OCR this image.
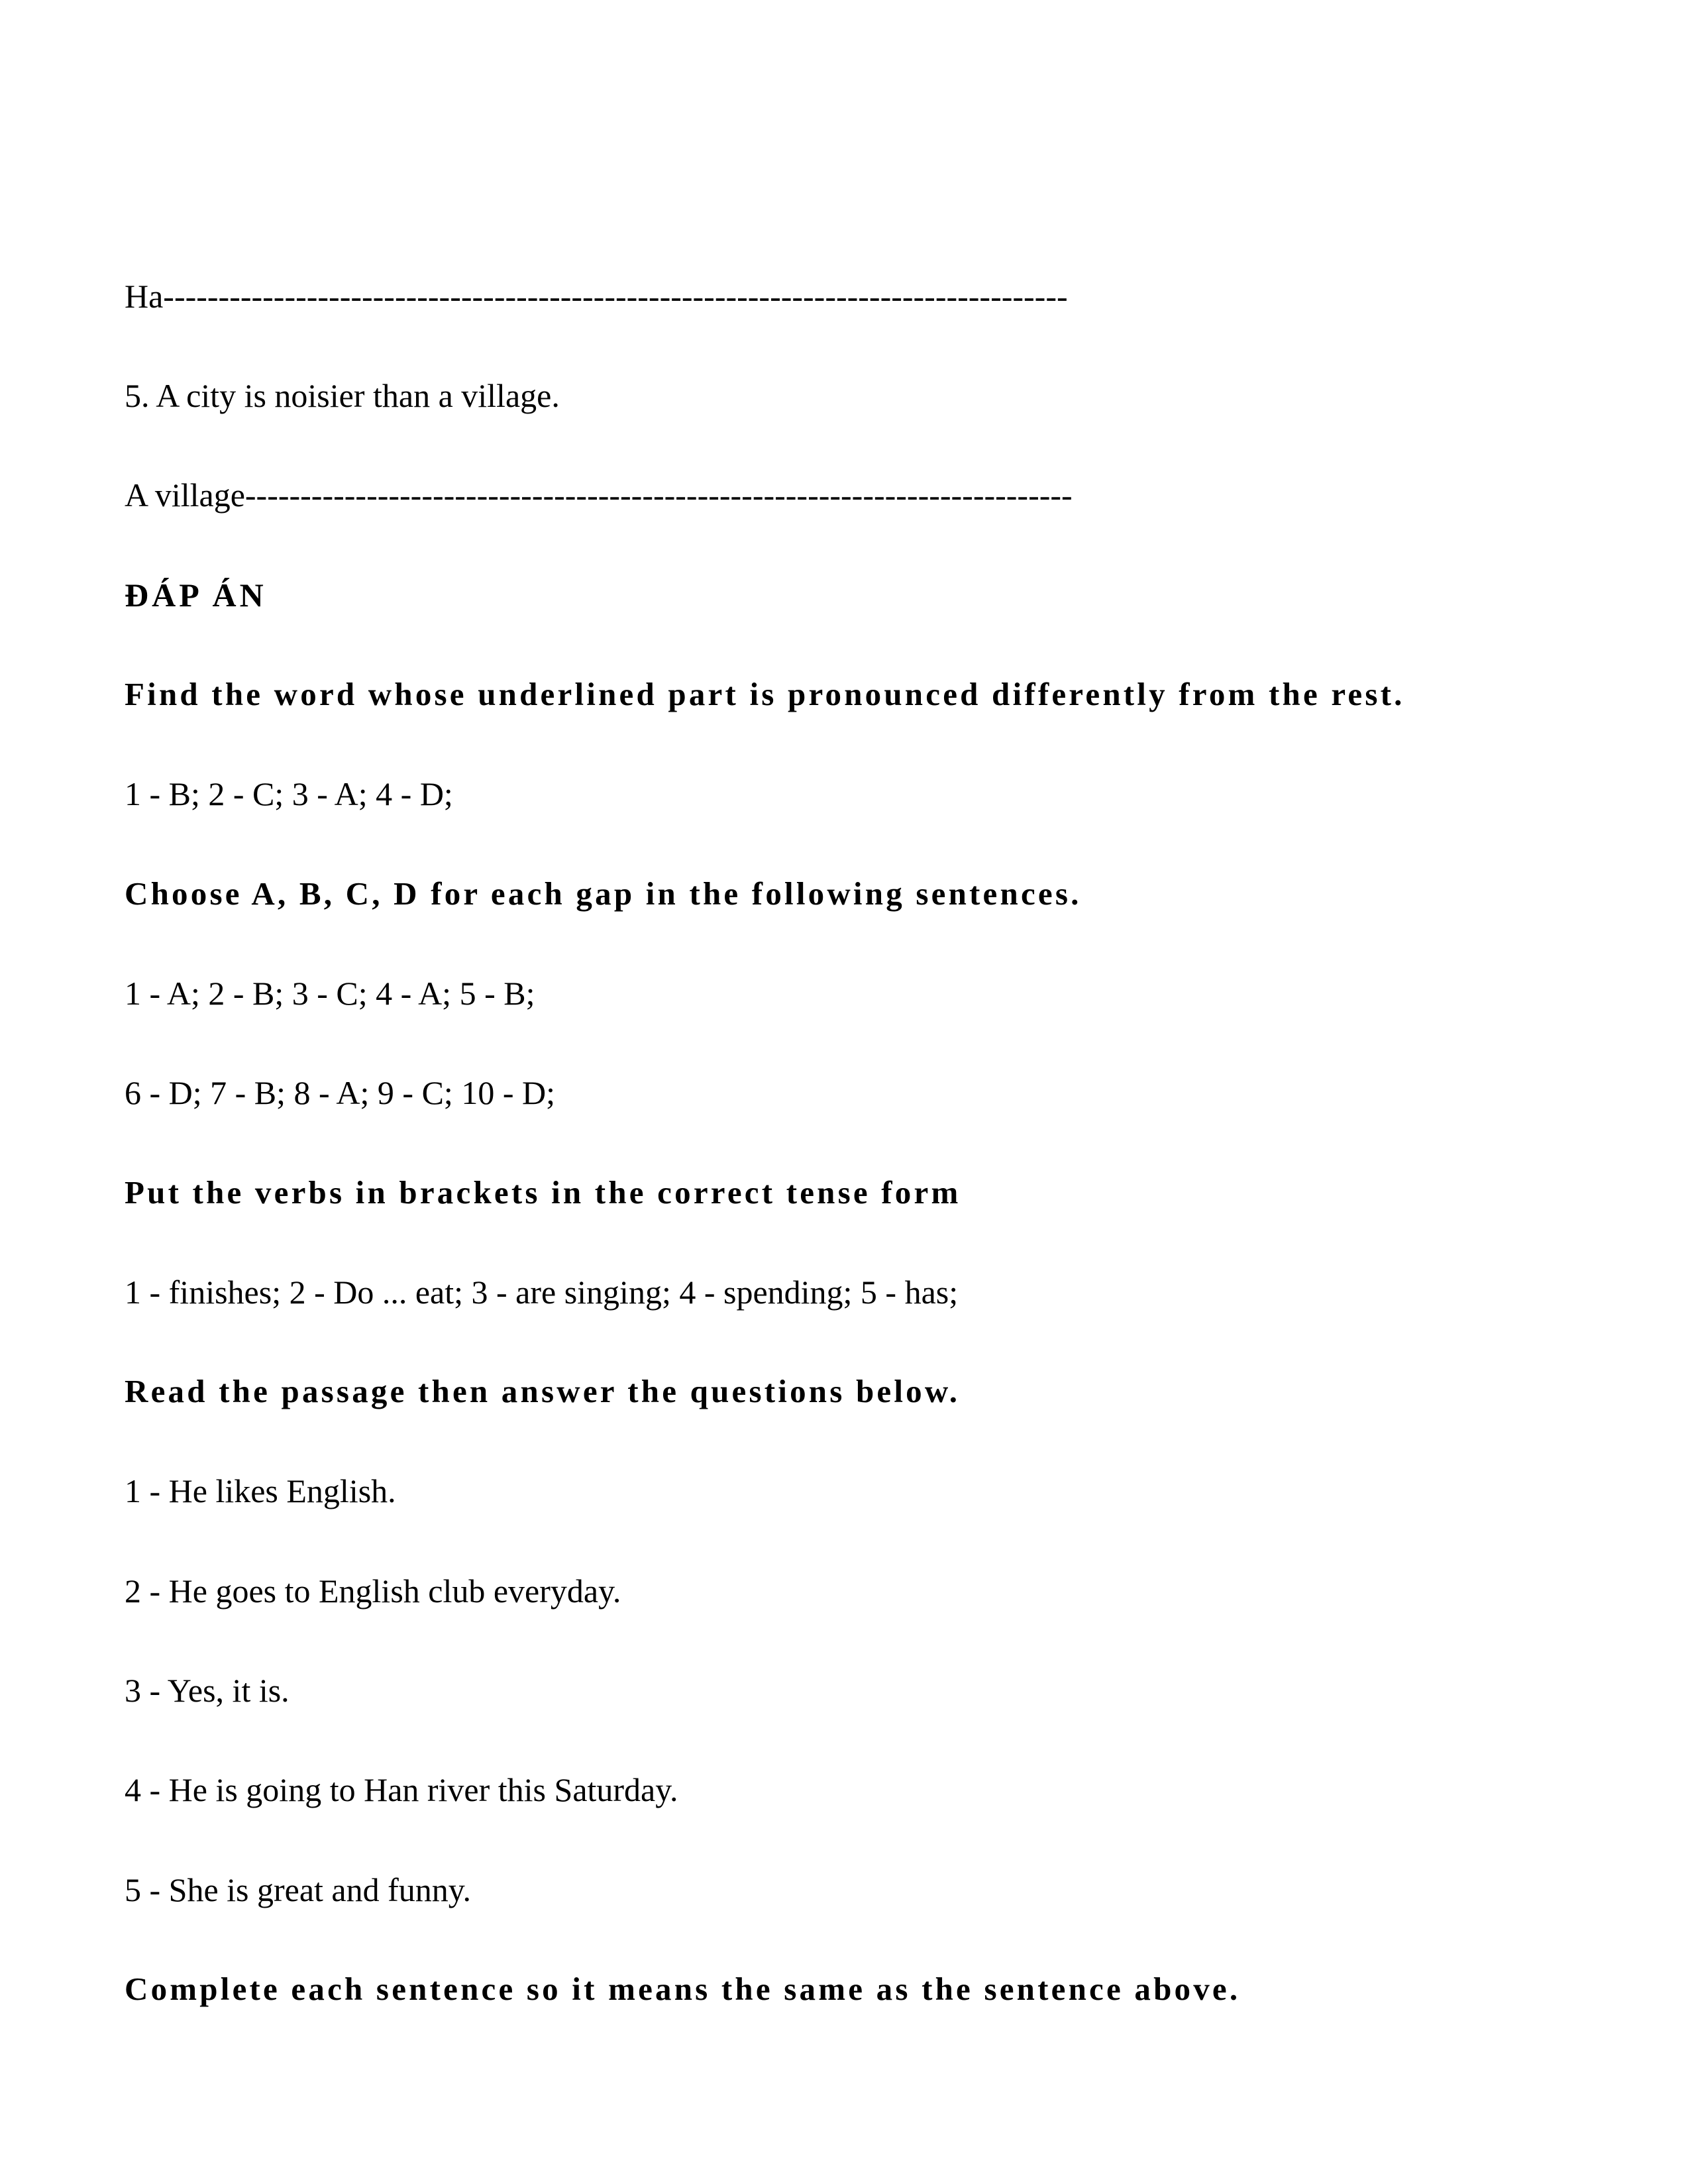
Ha----------------------------------------------------------------------------------
5. A city is noisier than a village.
A village---------------------------------------------------------------------------
ĐÁP ÁN
Find the word whose underlined part is pronounced differently from the rest.
1 - B; 2 - C; 3 - A; 4 - D;
Choose A, B, C, D for each gap in the following sentences.
1 - A; 2 - B; 3 - C; 4 - A; 5 - B;
6 - D; 7 - B; 8 - A; 9 - C; 10 - D;
Put the verbs in brackets in the correct tense form
1 - finishes; 2 - Do ... eat; 3 - are singing; 4 - spending; 5 - has;
Read the passage then answer the questions below.
1 - He likes English.
2 - He goes to English club everyday.
3 - Yes, it is.
4 - He is going to Han river this Saturday.
5 - She is great and funny.
Complete each sentence so it means the same as the sentence above.
